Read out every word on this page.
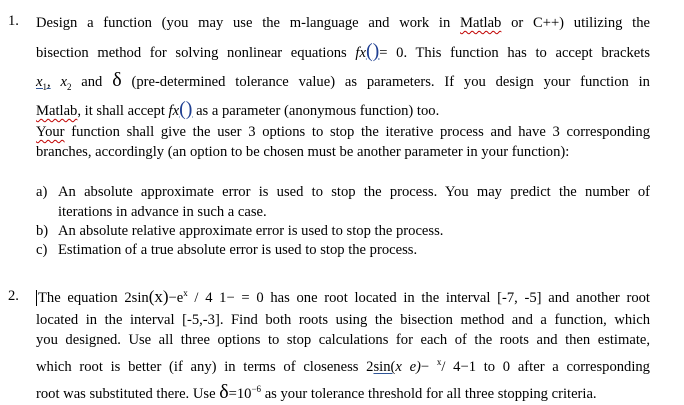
1. Design a function (you may use the m-language and work in Matlab or C++) utilizing the
bisection method for solving nonlinear equations fx()= 0. This function has to accept brackets
$x_1$, $x_2$ and δ (pre-determined tolerance value) as parameters. If you design your function in
Matlab, it shall accept fx() as a parameter (anonymous function) too.
Your function shall give the user 3 options to stop the iterative process and have 3 corresponding
branches, accordingly (an option to be chosen must be another parameter in your function):
a) An absolute approximate error is used to stop the process. You may predict the number of
iterations in advance in such a case.
b) An absolute relative approximate error is used to stop the process.
c) Estimation of a true absolute error is used to stop the process.
2. The equation $2\sin(x)-e^x / 4$ 1− = 0 has one root located in the interval [-7, -5] and another root
located in the interval [-5,-3]. Find both roots using the bisection method and a function, which
you designed. Use all three options to stop calculations for each of the roots and then estimate,
which root is better (if any) in terms of closeness 2sin(x e)− $^x$/ 4−1 to 0 after a corresponding
root was substituted there. Use $\delta=10^{-6}$ as your tolerance threshold for all three stopping criteria.
